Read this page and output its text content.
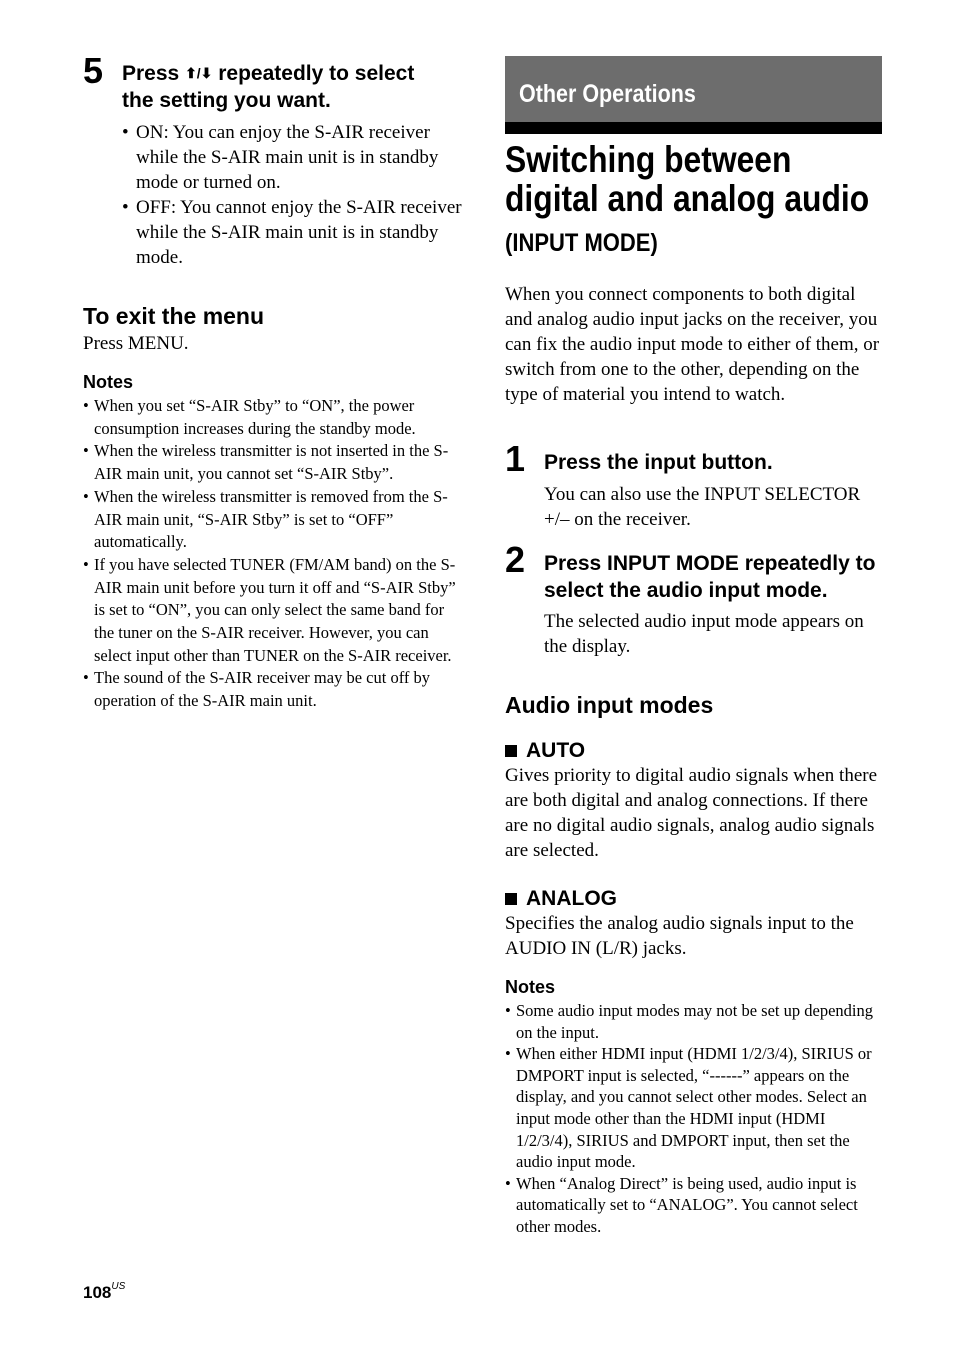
5 Press ⬆/⬇ repeatedly to select
the setting you want.
• ON: You can enjoy the S-AIR receiver while the S-AIR main unit is in standby mode or turned on.
• OFF: You cannot enjoy the S-AIR receiver while the S-AIR main unit is in standby mode.
To exit the menu
Press MENU.
Notes
• When you set “S-AIR Stby” to “ON”, the power consumption increases during the standby mode.
• When the wireless transmitter is not inserted in the S-AIR main unit, you cannot set “S-AIR Stby”.
• When the wireless transmitter is removed from the S-AIR main unit, “S-AIR Stby” is set to “OFF” automatically.
• If you have selected TUNER (FM/AM band) on the S-AIR main unit before you turn it off and “S-AIR Stby” is set to “ON”, you can only select the same band for the tuner on the S-AIR receiver. However, you can select input other than TUNER on the S-AIR receiver.
• The sound of the S-AIR receiver may be cut off by operation of the S-AIR main unit.
Other Operations
Switching between
digital and analog audio
(INPUT MODE)
When you connect components to both digital and analog audio input jacks on the receiver, you can fix the audio input mode to either of them, or switch from one to the other, depending on the type of material you intend to watch.
1 Press the input button.
You can also use the INPUT SELECTOR +/– on the receiver.
2 Press INPUT MODE repeatedly to select the audio input mode.
The selected audio input mode appears on the display.
Audio input modes
AUTO
Gives priority to digital audio signals when there are both digital and analog connections. If there are no digital audio signals, analog audio signals are selected.
ANALOG
Specifies the analog audio signals input to the AUDIO IN (L/R) jacks.
Notes
• Some audio input modes may not be set up depending on the input.
• When either HDMI input (HDMI 1/2/3/4), SIRIUS or DMPORT input is selected, “------” appears on the display, and you cannot select other modes. Select an input mode other than the HDMI input (HDMI 1/2/3/4), SIRIUS and DMPORT input, then set the audio input mode.
• When “Analog Direct” is being used, audio input is automatically set to “ANALOG”. You cannot select other modes.
$108^{US}$
